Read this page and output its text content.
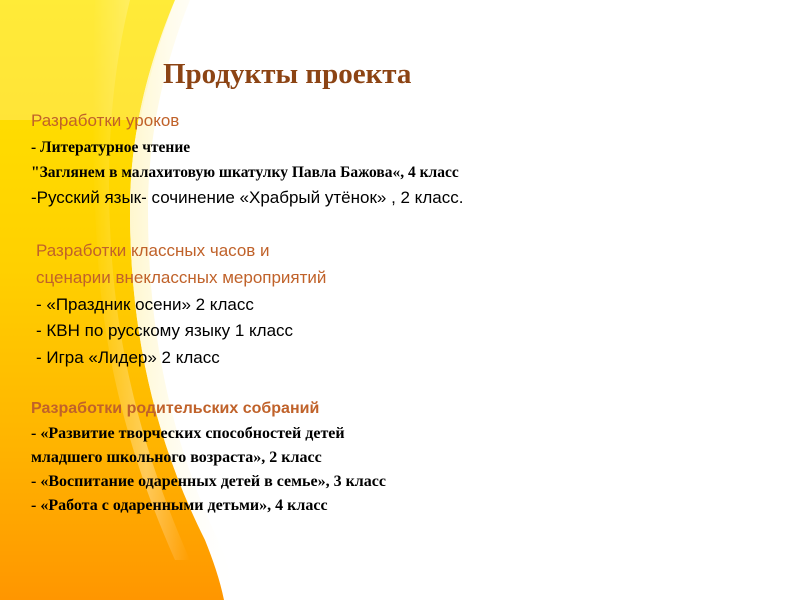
Продукты проекта
Разработки уроков
- Литературное чтение
"Заглянем в малахитовую шкатулку Павла Бажова«, 4 класс
-Русский язык- сочинение «Храбрый утёнок» , 2 класс.
Разработки классных часов и
сценарии внеклассных мероприятий
- «Праздник осени» 2 класс
- КВН по русскому языку 1 класс
- Игра «Лидер» 2 класс
Разработки родительских собраний
- «Развитие творческих способностей детей
младшего школьного возраста», 2 класс
- «Воспитание одаренных детей в семье», 3 класс
- «Работа с одаренными детьми», 4 класс
